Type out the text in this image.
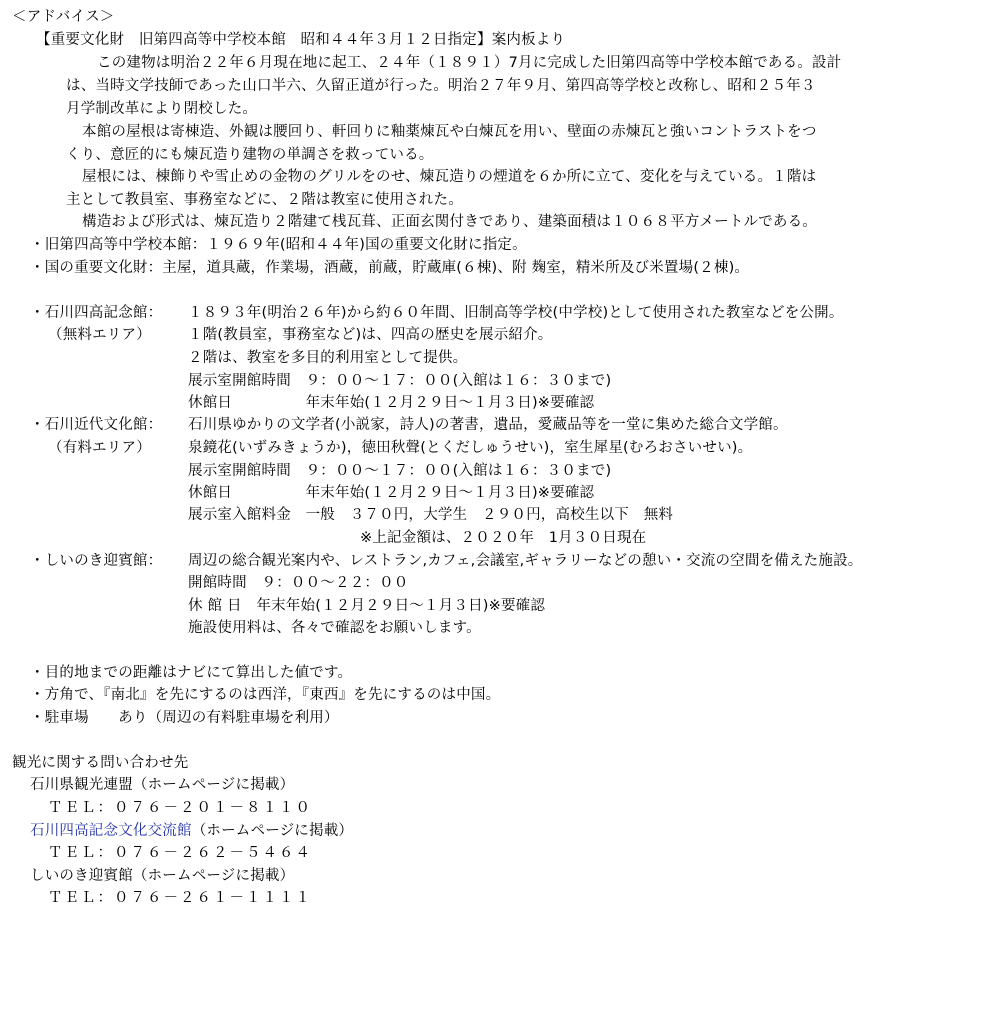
＜アドバイス＞
【重要文化財　旧第四高等中学校本館　昭和４４年３月１２日指定】案内板より
この建物は明治２２年６月現在地に起工、２４年（１８９１）7月に完成した旧第四高等中学校本館である。設計
は、当時文学技師であった山口半六、久留正道が行った。明治２７年９月、第四高等学校と改称し、昭和２５年３
月学制改革により閉校した。
本館の屋根は寄棟造、外観は腰回り、軒回りに釉薬煉瓦や白煉瓦を用い、壁面の赤煉瓦と強いコントラストをつ
くり、意匠的にも煉瓦造り建物の単調さを救っている。
屋根には、棟飾りや雪止めの金物のグリルをのせ、煉瓦造りの煙道を６か所に立て、変化を与えている。１階は
主として教員室、事務室などに、２階は教室に使用された。
構造および形式は、煉瓦造り２階建て桟瓦葺、正面玄関付きであり、建築面積は１０６８平方メートルである。
・旧第四高等中学校本館：１９６９年(昭和４４年)国の重要文化財に指定。
・国の重要文化財：主屋，道具蔵，作業場，酒蔵，前蔵，貯蔵庫(６棟)、附 麹室，精米所及び米置場(２棟)。
・石川四高記念館： １８９３年(明治２６年)から約６０年間、旧制高等学校(中学校)として使用された教室などを公開。
（無料エリア）	１階(教員室，事務室など)は、四高の歴史を展示紹介。
２階は、教室を多目的利用室として提供。
展示室開館時間　９：００～１７：００(入館は１６：３０まで)
休館日　　　　　年末年始(１２月２９日～１月３日)※要確認
・石川近代文化館： 石川県ゆかりの文学者(小説家，詩人)の著書，遺品，愛蔵品等を一堂に集めた総合文学館。
（有料エリア）	泉鏡花(いずみきょうか)，徳田秋聲(とくだしゅうせい)，室生犀星(むろおさいせい)。
展示室開館時間　９：００～１７：００(入館は１６：３０まで)
休館日　　　　　年末年始(１２月２９日～１月３日)※要確認
展示室入館料金　一般　３７０円，大学生　２９０円，高校生以下　無料
※上記金額は、２０２０年　1月３０日現在
・しいのき迎賓館： 周辺の総合観光案内や、レストラン,カフェ,会議室,ギャラリーなどの憩い・交流の空間を備えた施設。
開館時間　９：００～２２：００
休 館 日　年末年始(１２月２９日～１月３日)※要確認
施設使用料は、各々で確認をお願いします。
・目的地までの距離はナビにて算出した値です。
・方角で、『南北』を先にするのは西洋，『東西』を先にするのは中国。
・駐車場　　あり（周辺の有料駐車場を利用）
観光に関する問い合わせ先
石川県観光連盟（ホームページに掲載）
ＴＥＬ：０７６－２０１－８１１０
石川四高記念文化交流館（ホームページに掲載）
ＴＥＬ：０７６－２６２－５４６４
しいのき迎賓館（ホームページに掲載）
ＴＥＬ：０７６－２６１－１１１１
